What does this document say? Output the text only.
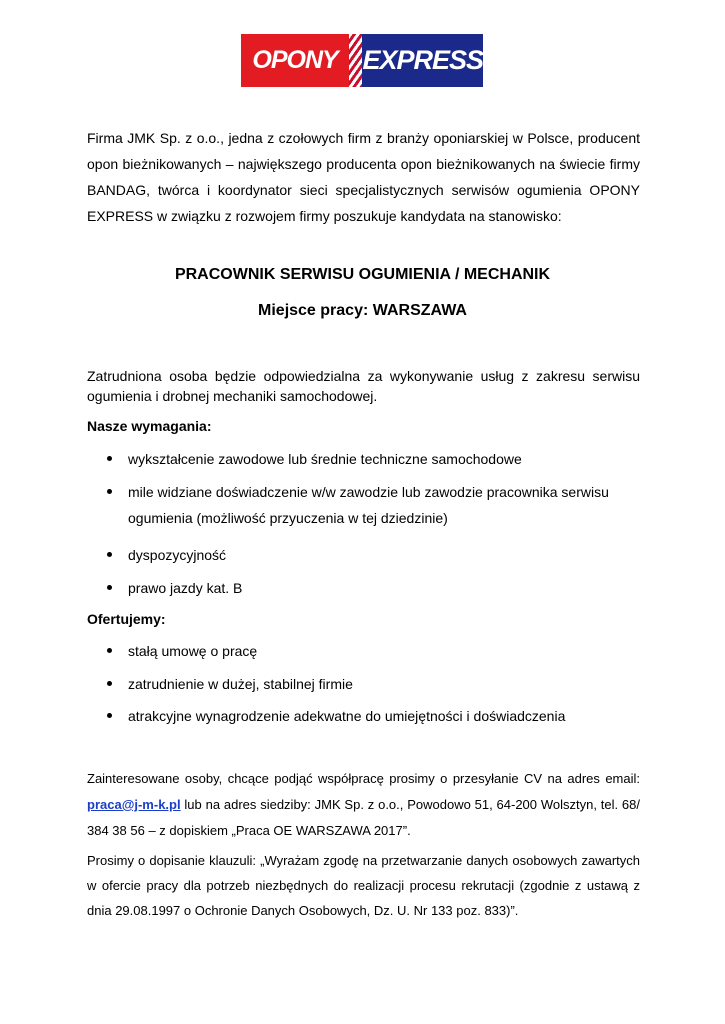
OPONY EXPRESS
Firma JMK Sp. z o.o., jedna z czołowych firm z branży oponiarskiej w Polsce, producent opon bieżnikowanych – największego producenta opon bieżnikowanych na świecie firmy BANDAG, twórca i koordynator sieci specjalistycznych serwisów ogumienia OPONY EXPRESS w związku z rozwojem firmy poszukuje kandydata na stanowisko:
PRACOWNIK SERWISU OGUMIENIA / MECHANIK
Miejsce pracy: WARSZAWA
Zatrudniona osoba będzie odpowiedzialna za wykonywanie usług z zakresu serwisu ogumienia i drobnej mechaniki samochodowej.
Nasze wymagania:
wykształcenie zawodowe lub średnie techniczne samochodowe
mile widziane doświadczenie w/w zawodzie lub zawodzie pracownika serwisu ogumienia (możliwość przyuczenia w tej dziedzinie)
dyspozycyjność
prawo jazdy kat. B
Ofertujemy:
stałą umowę o pracę
zatrudnienie w dużej, stabilnej firmie
atrakcyjne wynagrodzenie adekwatne do umiejętności i doświadczenia
Zainteresowane osoby, chcące podjąć współpracę prosimy o przesyłanie CV na adres email: praca@j-m-k.pl lub na adres siedziby: JMK Sp. z o.o., Powodowo 51, 64-200 Wolsztyn, tel. 68/ 384 38 56 – z dopiskiem „Praca OE WARSZAWA 2017”.
Prosimy o dopisanie klauzuli: „Wyrażam zgodę na przetwarzanie danych osobowych zawartych w ofercie pracy dla potrzeb niezbędnych do realizacji procesu rekrutacji (zgodnie z ustawą z dnia 29.08.1997 o Ochronie Danych Osobowych, Dz. U. Nr 133 poz. 833)”.
